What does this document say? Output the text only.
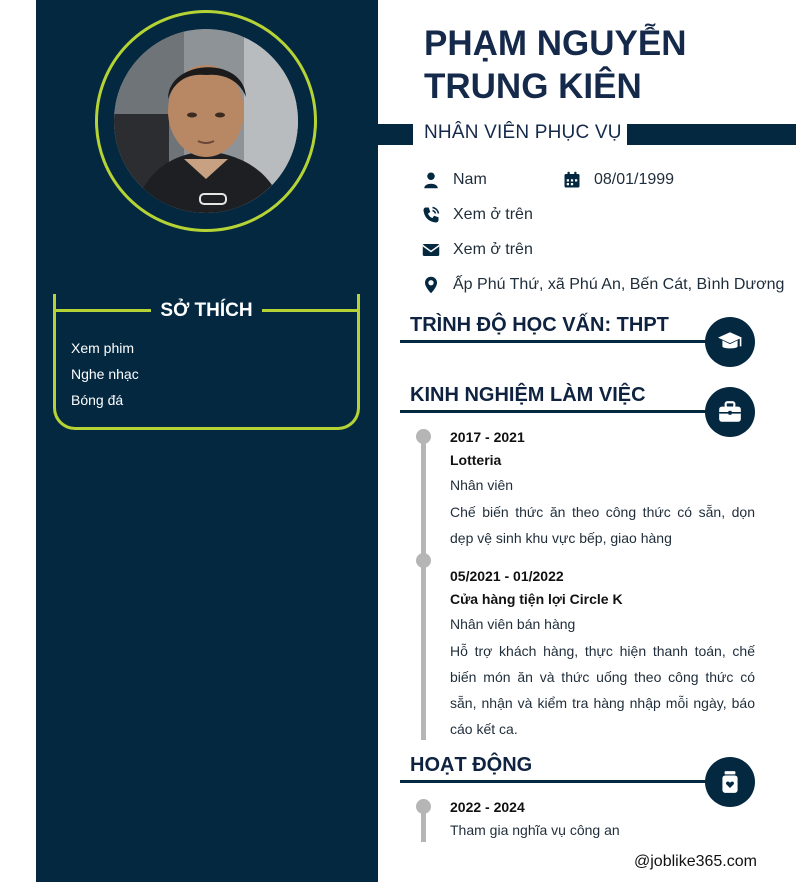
SỞ THÍCH
Xem phim
Nghe nhạc
Bóng đá
PHẠM NGUYỄN TRUNG KIÊN
NHÂN VIÊN PHỤC VỤ
Nam	08/01/1999
Xem ở trên
Xem ở trên
Ấp Phú Thứ, xã Phú An, Bến Cát, Bình Dương
TRÌNH ĐỘ HỌC VẤN: THPT
KINH NGHIỆM LÀM VIỆC
2017 - 2021
Lotteria
Nhân viên
Chế biến thức ăn theo công thức có sẵn, dọn dẹp vệ sinh khu vực bếp, giao hàng
05/2021 - 01/2022
Cửa hàng tiện lợi Circle K
Nhân viên bán hàng
Hỗ trợ khách hàng, thực hiện thanh toán, chế biến món ăn và thức uống theo công thức có sẵn, nhận và kiểm tra hàng nhập mỗi ngày, báo cáo kết ca.
HOẠT ĐỘNG
2022 - 2024
Tham gia nghĩa vụ công an
@joblike365.com
